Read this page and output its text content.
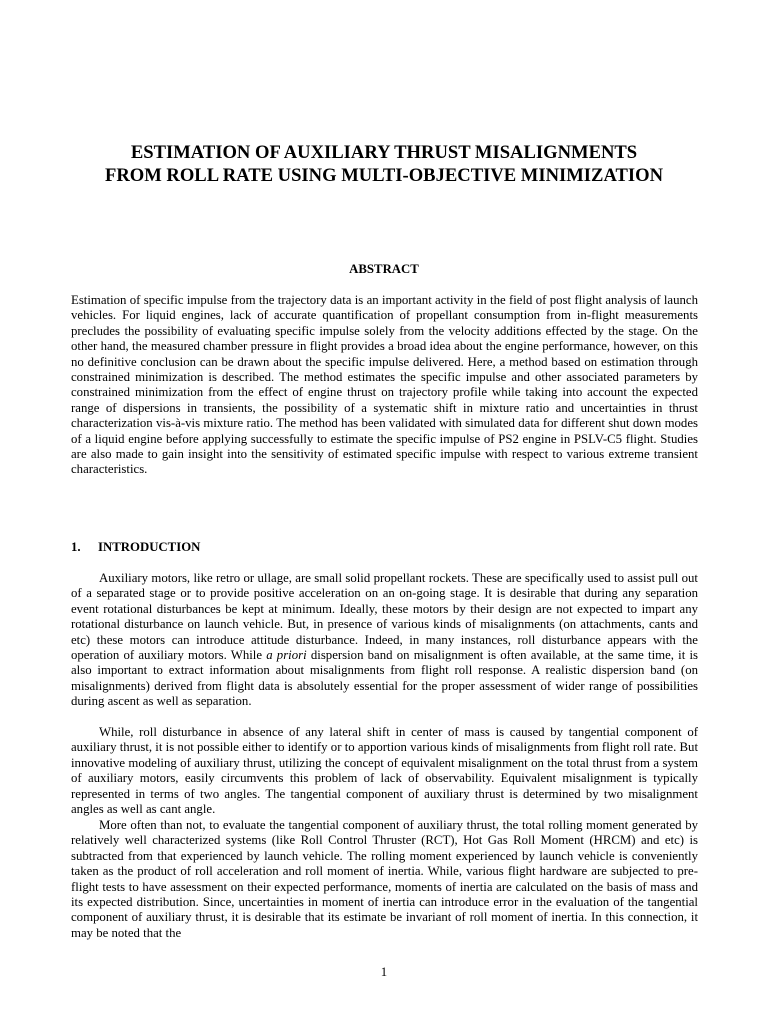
ESTIMATION OF AUXILIARY THRUST MISALIGNMENTS
FROM ROLL RATE USING MULTI-OBJECTIVE MINIMIZATION
ABSTRACT

Estimation of specific impulse from the trajectory data is an important activity in the field of post flight analysis of launch vehicles. For liquid engines, lack of accurate quantification of propellant consumption from in-flight measurements precludes the possibility of evaluating specific impulse solely from the velocity additions effected by the stage. On the other hand, the measured chamber pressure in flight provides a broad idea about the engine performance, however, on this no definitive conclusion can be drawn about the specific impulse delivered. Here, a method based on estimation through constrained minimization is described. The method estimates the specific impulse and other associated parameters by constrained minimization from the effect of engine thrust on trajectory profile while taking into account the expected range of dispersions in transients, the possibility of a systematic shift in mixture ratio and uncertainties in thrust characterization vis-à-vis mixture ratio. The method has been validated with simulated data for different shut down modes of a liquid engine before applying successfully to estimate the specific impulse of PS2 engine in PSLV-C5 flight. Studies are also made to gain insight into the sensitivity of estimated specific impulse with respect to various extreme transient characteristics.

1. INTRODUCTION

Auxiliary motors, like retro or ullage, are small solid propellant rockets. These are specifically used to assist pull out of a separated stage or to provide positive acceleration on an on-going stage. It is desirable that during any separation event rotational disturbances be kept at minimum. Ideally, these motors by their design are not expected to impart any rotational disturbance on launch vehicle. But, in presence of various kinds of misalignments (on attachments, cants and etc) these motors can introduce attitude disturbance. Indeed, in many instances, roll disturbance appears with the operation of auxiliary motors. While a priori dispersion band on misalignment is often available, at the same time, it is also important to extract information about misalignments from flight roll response. A realistic dispersion band (on misalignments) derived from flight data is absolutely essential for the proper assessment of wider range of possibilities during ascent as well as separation.

While, roll disturbance in absence of any lateral shift in center of mass is caused by tangential component of auxiliary thrust, it is not possible either to identify or to apportion various kinds of misalignments from flight roll rate. But innovative modeling of auxiliary thrust, utilizing the concept of equivalent misalignment on the total thrust from a system of auxiliary motors, easily circumvents this problem of lack of observability. Equivalent misalignment is typically represented in terms of two angles. The tangential component of auxiliary thrust is determined by two misalignment angles as well as cant angle.

More often than not, to evaluate the tangential component of auxiliary thrust, the total rolling moment generated by relatively well characterized systems (like Roll Control Thruster (RCT), Hot Gas Roll Moment (HRCM) and etc) is subtracted from that experienced by launch vehicle. The rolling moment experienced by launch vehicle is conveniently taken as the product of roll acceleration and roll moment of inertia. While, various flight hardware are subjected to pre-flight tests to have assessment on their expected performance, moments of inertia are calculated on the basis of mass and its expected distribution. Since, uncertainties in moment of inertia can introduce error in the evaluation of the tangential component of auxiliary thrust, it is desirable that its estimate be invariant of roll moment of inertia. In this connection, it may be noted that the

1
